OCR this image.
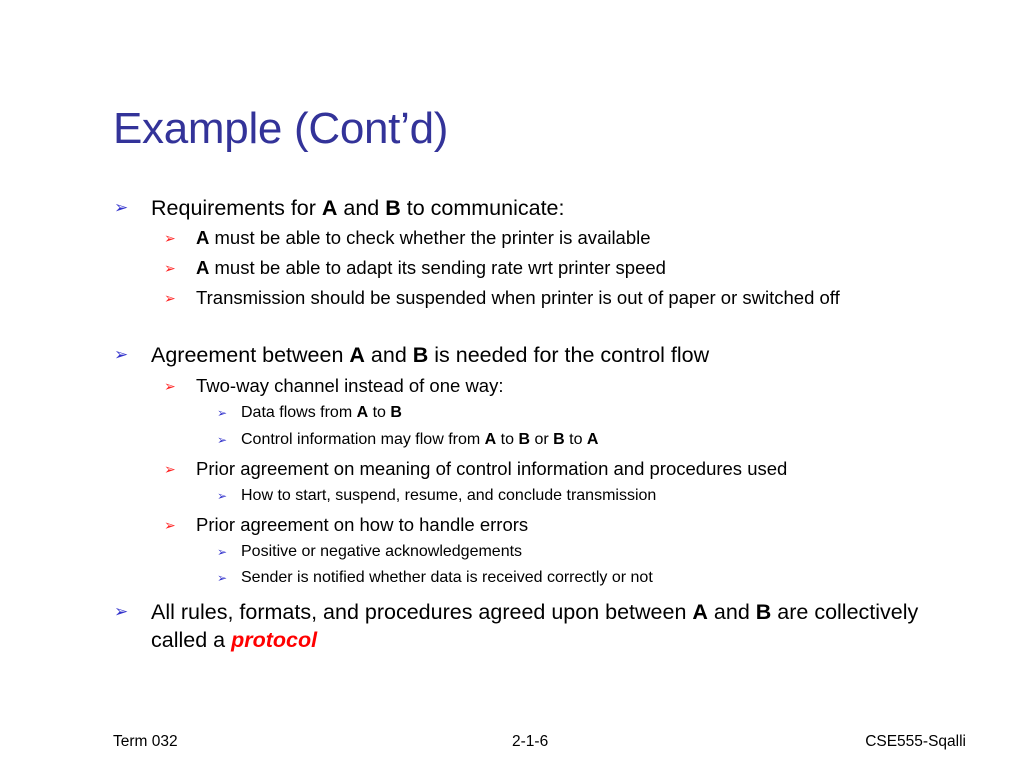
Example (Cont’d)
➢ Requirements for A and B to communicate:
➢ A must be able to check whether the printer is available
➢ A must be able to adapt its sending rate wrt printer speed
➢ Transmission should be suspended when printer is out of paper or switched off
➢ Agreement between A and B is needed for the control flow
➢ Two-way channel instead of one way:
➢ Data flows from A to B
➢ Control information may flow from A to B or B to A
➢ Prior agreement on meaning of control information and procedures used
➢ How to start, suspend, resume, and conclude transmission
➢ Prior agreement on how to handle errors
➢ Positive or negative acknowledgements
➢ Sender is notified whether data is received correctly or not
➢ All rules, formats, and procedures agreed upon between A and B are collectively called a protocol
Term 032	2-1-6	CSE555-Sqalli
